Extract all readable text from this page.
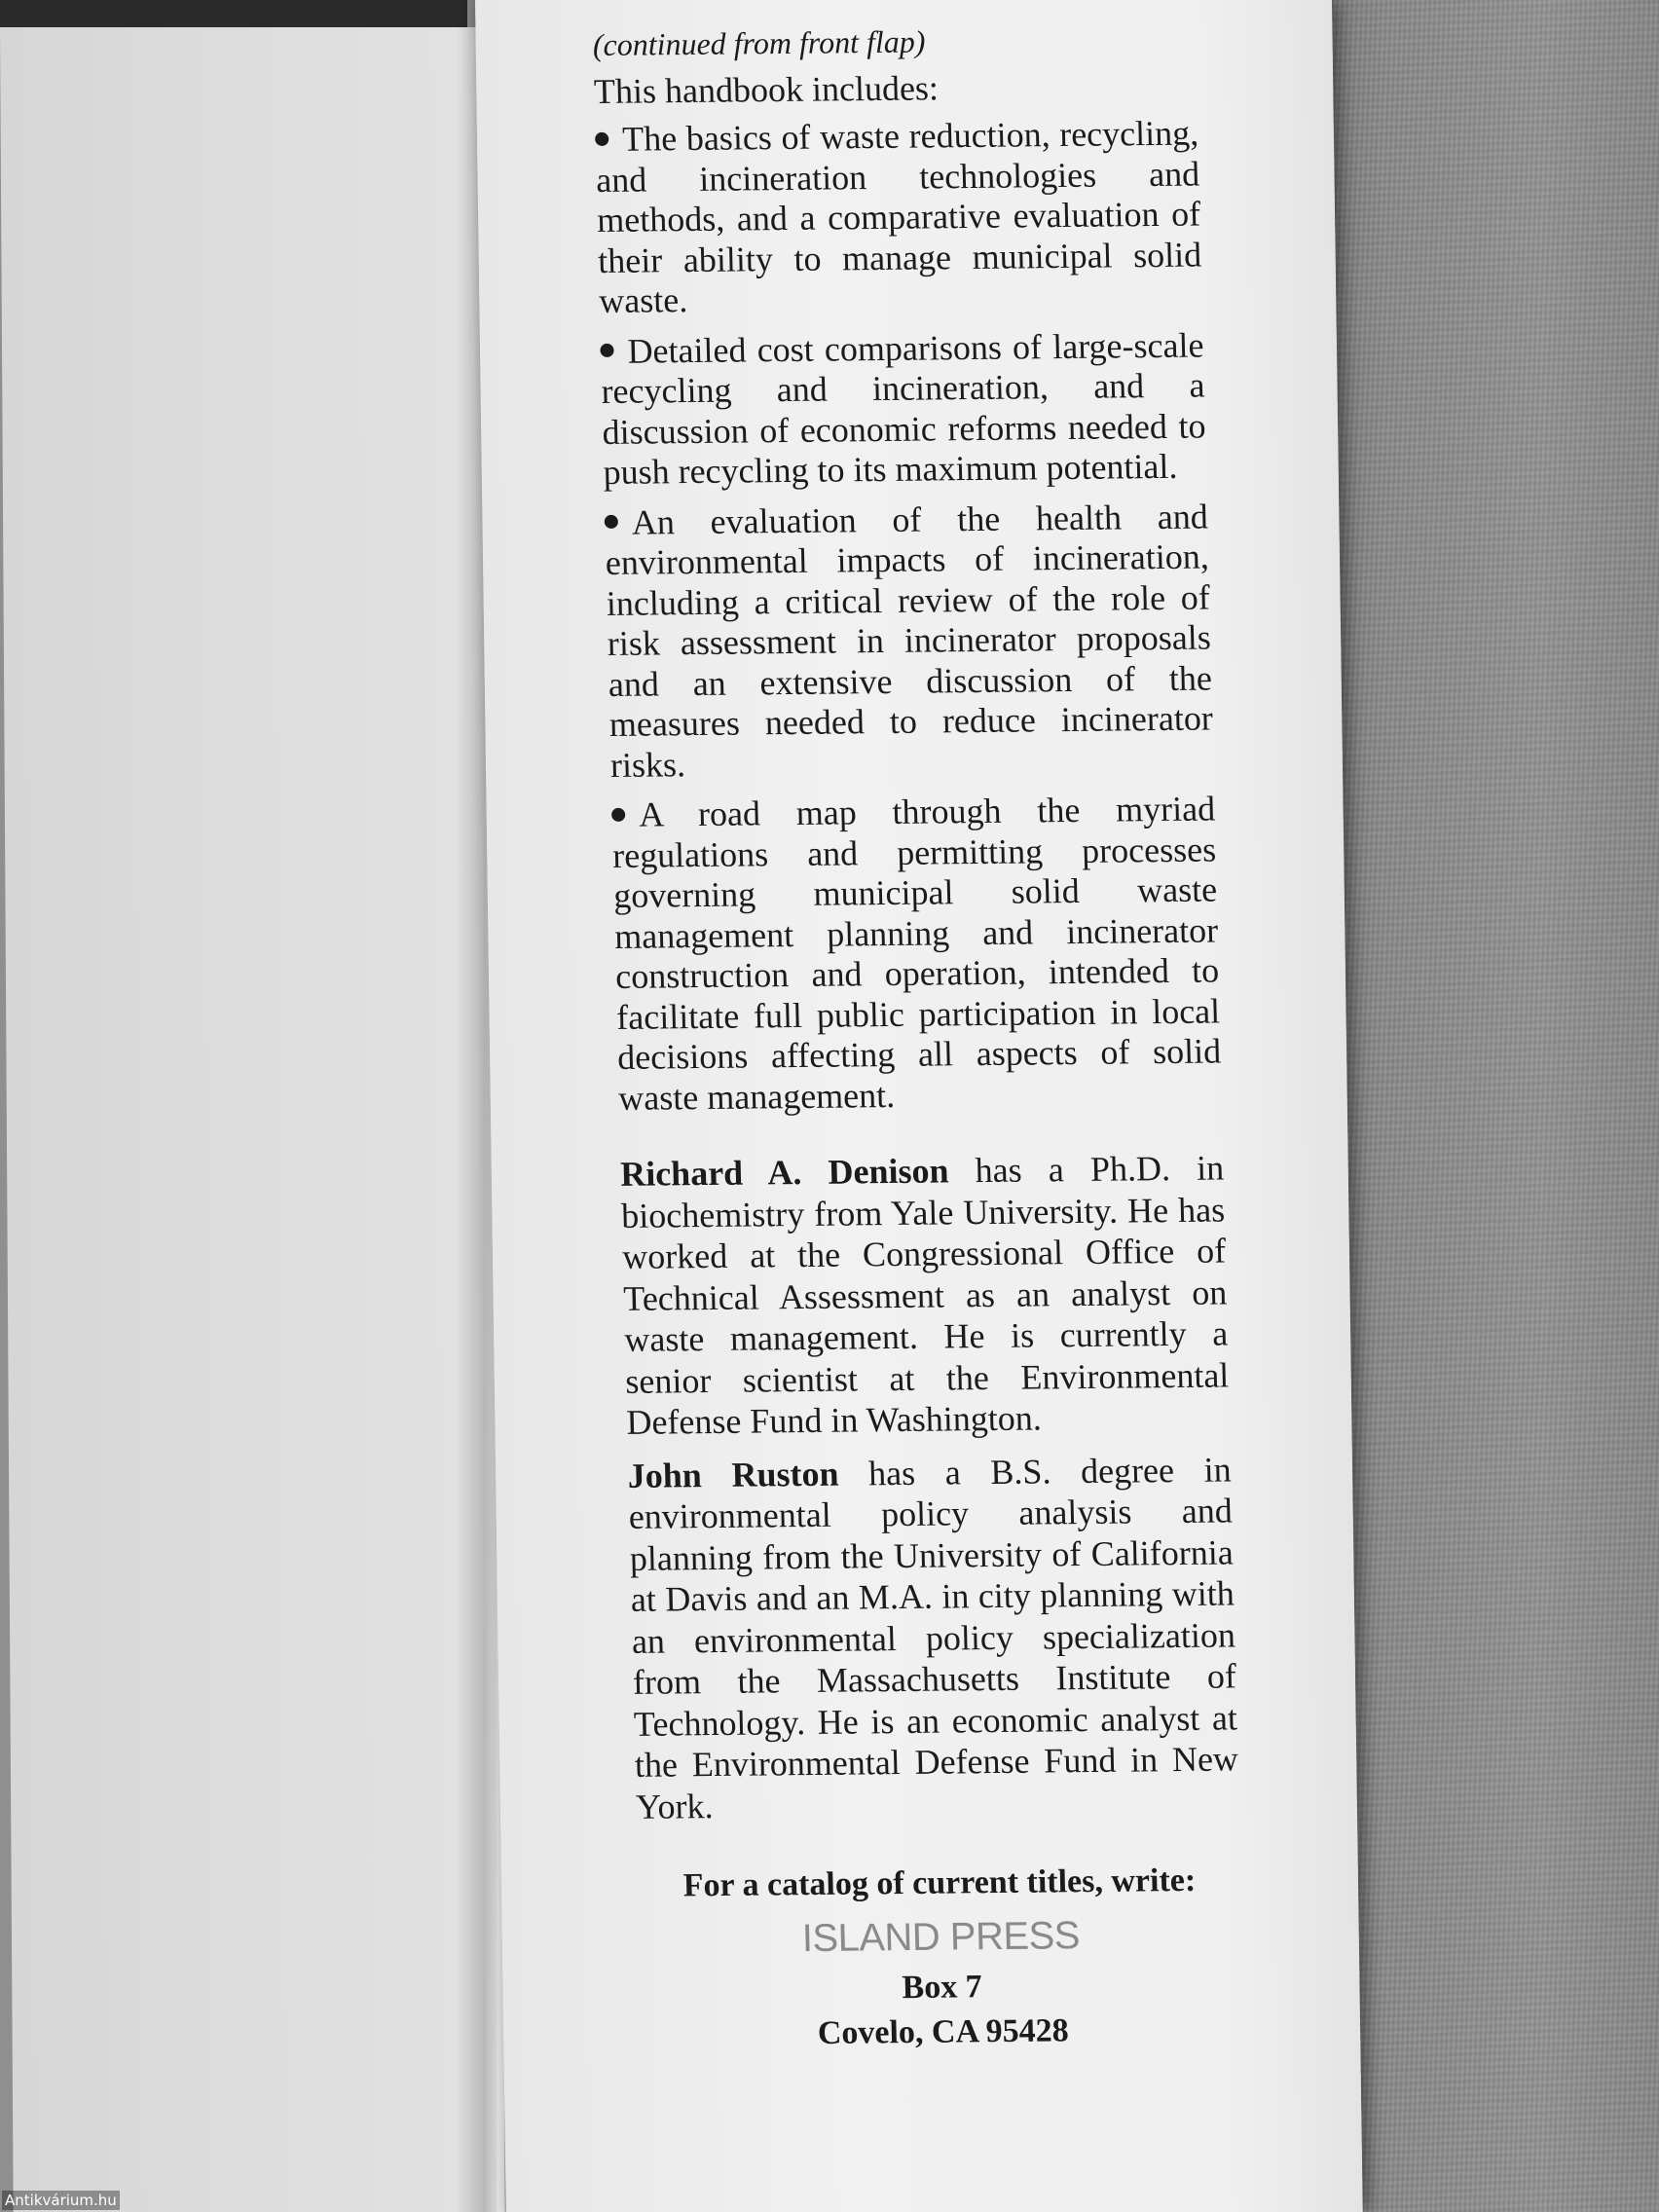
(continued from front flap)

This handbook includes:

The basics of waste reduction, recycling, and incineration technologies and methods, and a comparative evaluation of their ability to manage municipal solid waste.

Detailed cost comparisons of large-scale recycling and incineration, and a discussion of economic reforms needed to push recycling to its maximum potential.

An evaluation of the health and environmental impacts of incineration, including a critical review of the role of risk assessment in incinerator proposals and an extensive discussion of the measures needed to reduce incinerator risks.

A road map through the myriad regulations and permitting processes governing municipal solid waste management planning and incinerator construction and operation, intended to facilitate full public participation in local decisions affecting all aspects of solid waste management.

Richard A. Denison has a Ph.D. in biochemistry from Yale University. He has worked at the Congressional Office of Technical Assessment as an analyst on waste management. He is currently a senior scientist at the Environmental Defense Fund in Washington.

John Ruston has a B.S. degree in environmental policy analysis and planning from the University of California at Davis and an M.A. in city planning with an environmental policy specialization from the Massachusetts Institute of Technology. He is an economic analyst at the Environmental Defense Fund in New York.

For a catalog of current titles, write:

ISLAND PRESS

Box 7

Covelo, CA 95428

Antikvárium.hu
